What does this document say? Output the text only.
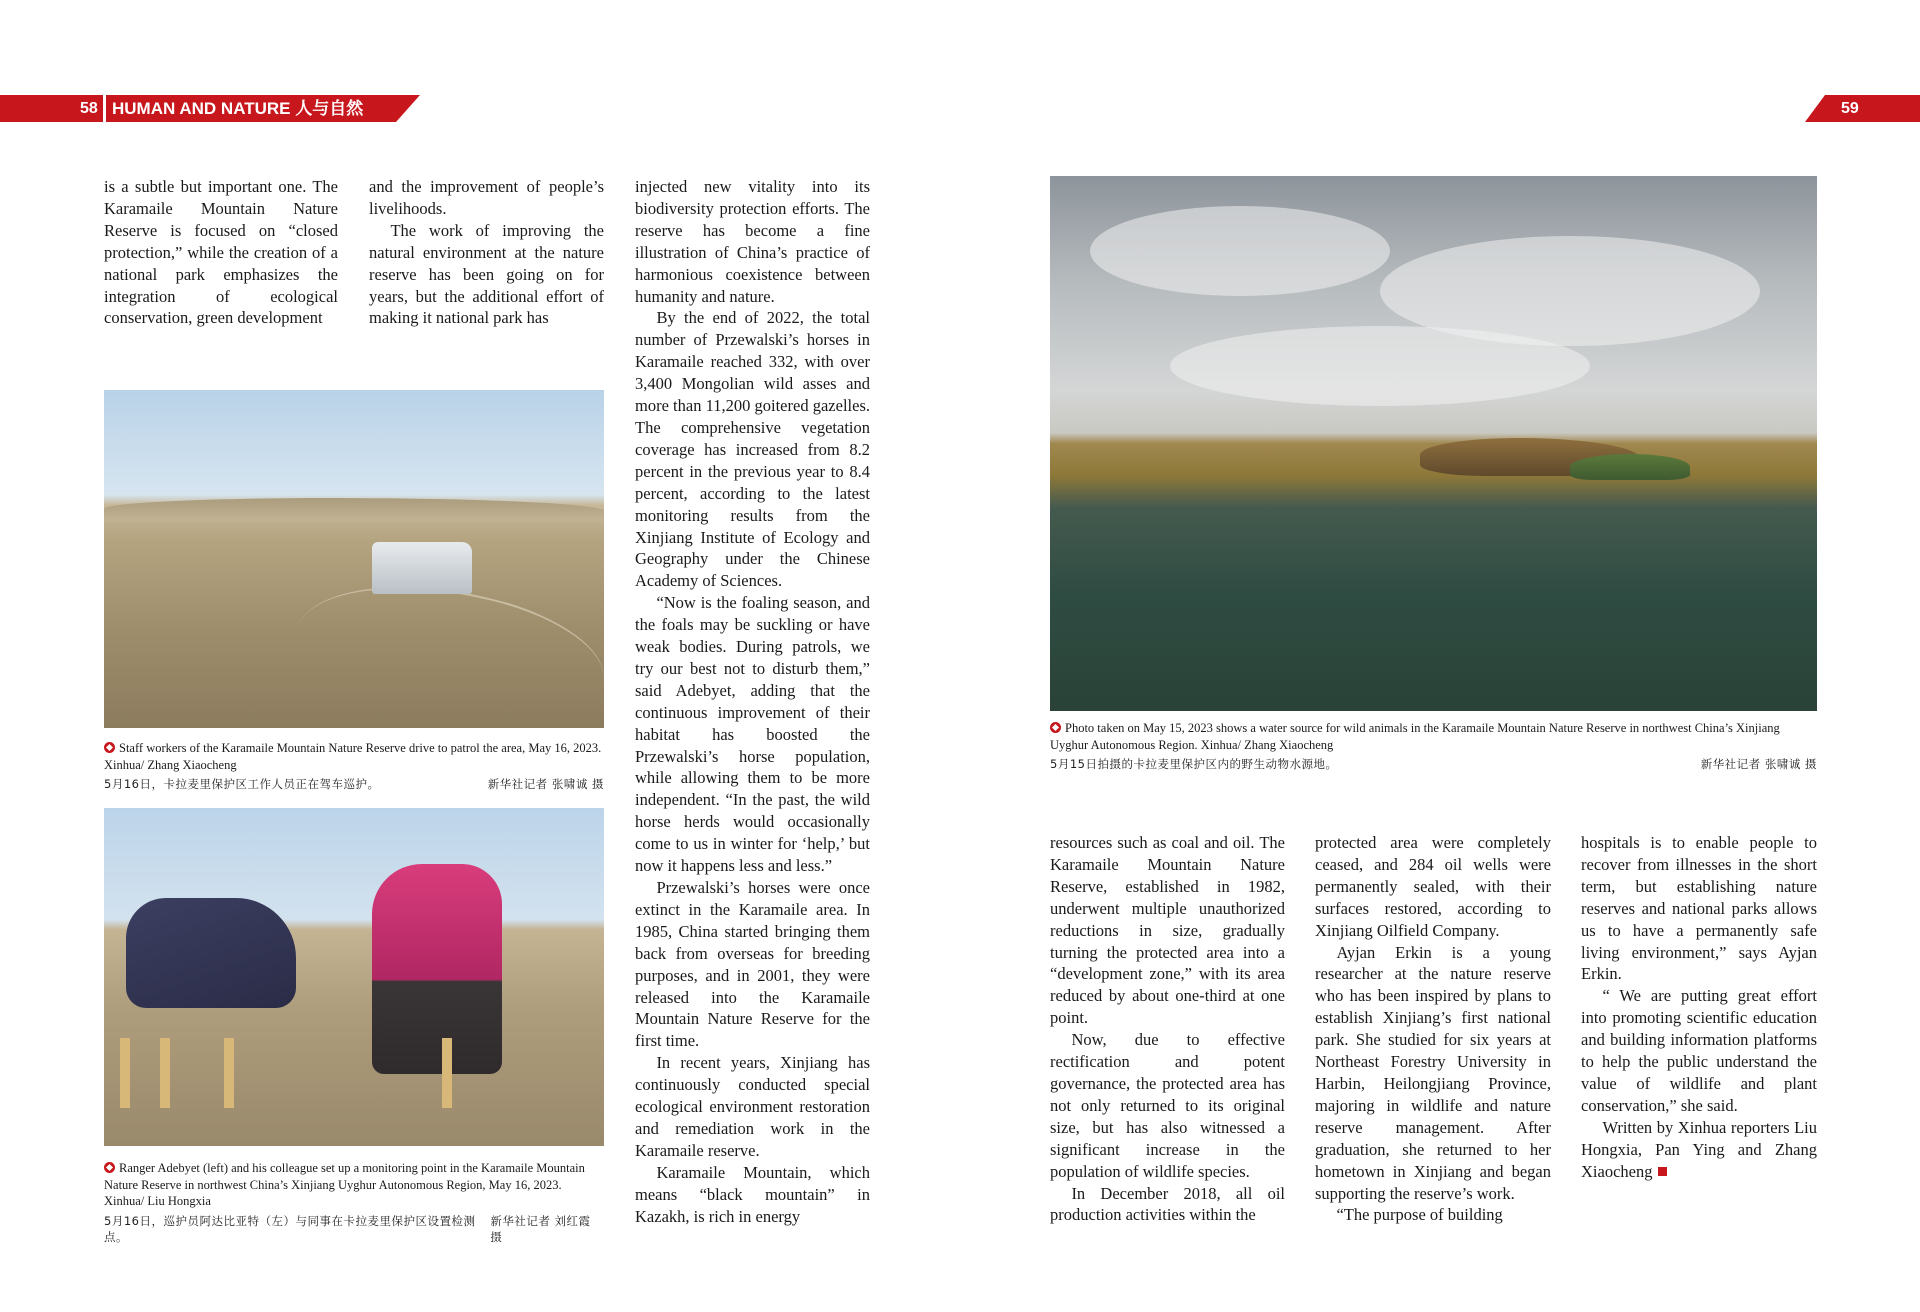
58 HUMAN AND NATURE 人与自然	59

is a subtle but important one. The Karamaile Mountain Nature Reserve is focused on “closed protection,” while the creation of a national park emphasizes the integration of ecological conservation, green development

and the improvement of people’s livelihoods.

The work of improving the natural environment at the nature reserve has been going on for years, but the additional effort of making it national park has

injected new vitality into its biodiversity protection efforts. The reserve has become a fine illustration of China’s practice of harmonious coexistence between humanity and nature.

By the end of 2022, the total number of Przewalski’s horses in Karamaile reached 332, with over 3,400 Mongolian wild asses and more than 11,200 goitered gazelles. The comprehensive vegetation coverage has increased from 8.2 percent in the previous year to 8.4 percent, according to the latest monitoring results from the Xinjiang Institute of Ecology and Geography under the Chinese Academy of Sciences.

“Now is the foaling season, and the foals may be suckling or have weak bodies. During patrols, we try our best not to disturb them,” said Adebyet, adding that the continuous improvement of their habitat has boosted the Przewalski’s horse population, while allowing them to be more independent. “In the past, the wild horse herds would occasionally come to us in winter for ‘help,’ but now it happens less and less.”

Przewalski’s horses were once extinct in the Karamaile area. In 1985, China started bringing them back from overseas for breeding purposes, and in 2001, they were released into the Karamaile Mountain Nature Reserve for the first time.

In recent years, Xinjiang has continuously conducted special ecological environment restoration and remediation work in the Karamaile reserve.

Karamaile Mountain, which means “black mountain” in Kazakh, is rich in energy

resources such as coal and oil. The Karamaile Mountain Nature Reserve, established in 1982, underwent multiple unauthorized reductions in size, gradually turning the protected area into a “development zone,” with its area reduced by about one-third at one point.

Now, due to effective rectification and potent governance, the protected area has not only returned to its original size, but has also witnessed a significant increase in the population of wildlife species.

In December 2018, all oil production activities within the

protected area were completely ceased, and 284 oil wells were permanently sealed, with their surfaces restored, according to Xinjiang Oilfield Company.

Ayjan Erkin is a young researcher at the nature reserve who has been inspired by plans to establish Xinjiang’s first national park. She studied for six years at Northeast Forestry University in Harbin, Heilongjiang Province, majoring in wildlife and nature reserve management. After graduation, she returned to her hometown in Xinjiang and began supporting the reserve’s work.

“The purpose of building

hospitals is to enable people to recover from illnesses in the short term, but establishing nature reserves and national parks allows us to have a permanently safe living environment,” says Ayjan Erkin.

“ We are putting great effort into promoting scientific education and building information platforms to help the public understand the value of wildlife and plant conservation,” she said.

Written by Xinhua reporters Liu Hongxia, Pan Ying and Zhang Xiaocheng

Staff workers of the Karamaile Mountain Nature Reserve drive to patrol the area, May 16, 2023. Xinhua/ Zhang Xiaocheng
5月16日，卡拉麦里保护区工作人员正在驾车巡护。	新华社记者 张啸诚 摄
Ranger Adebyet (left) and his colleague set up a monitoring point in the Karamaile Mountain Nature Reserve in northwest China’s Xinjiang Uyghur Autonomous Region, May 16, 2023. Xinhua/ Liu Hongxia
5月16日，巡护员阿达比亚特（左）与同事在卡拉麦里保护区设置检测点。
新华社记者 刘红霞 摄
Photo taken on May 15, 2023 shows a water source for wild animals in the Karamaile Mountain Nature Reserve in northwest China’s Xinjiang Uyghur Autonomous Region. Xinhua/ Zhang Xiaocheng
5月15日拍摄的卡拉麦里保护区内的野生动物水源地。	新华社记者 张啸诚 摄
